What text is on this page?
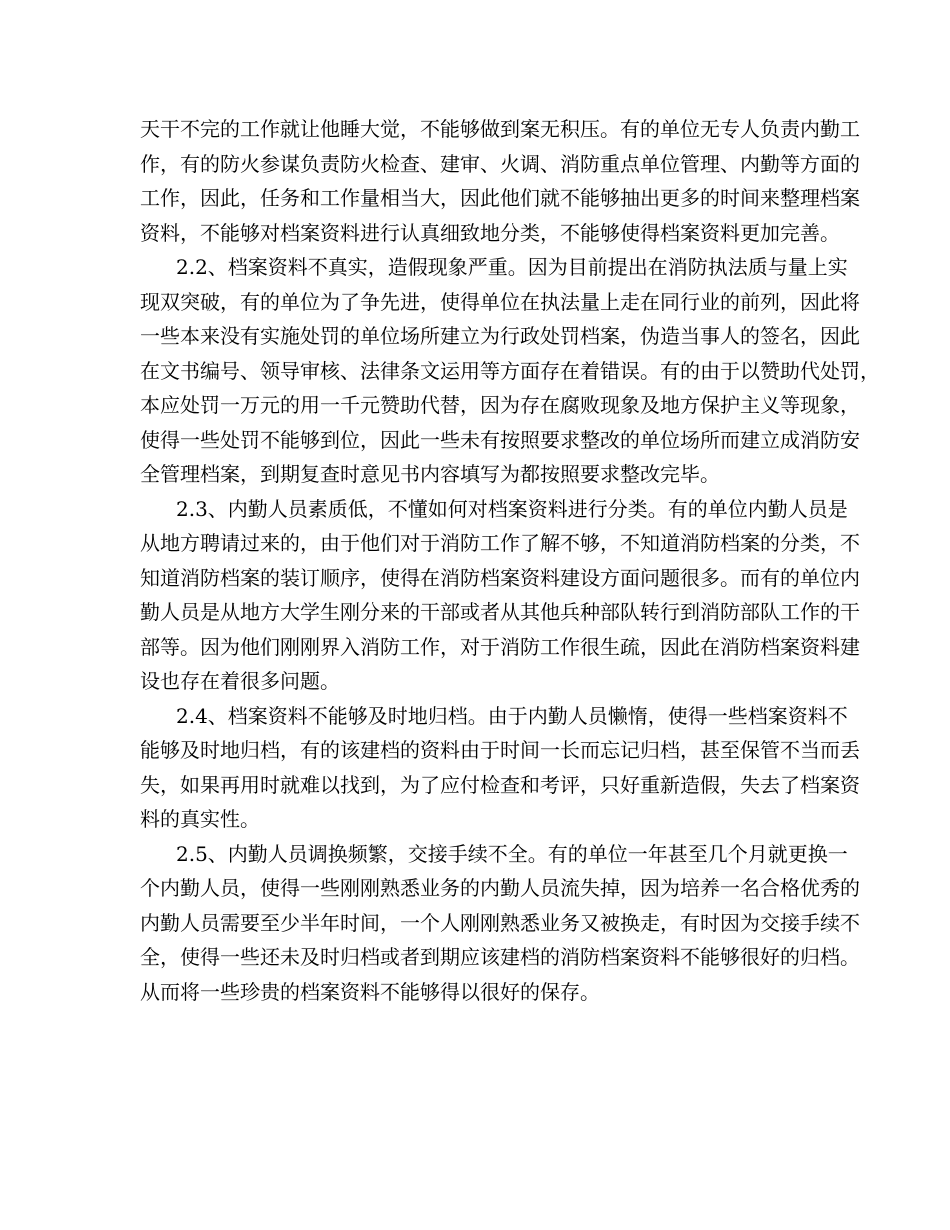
天干不完的工作就让他睡大觉，不能够做到案无积压。有的单位无专人负责内勤工
作，有的防火参谋负责防火检查、建审、火调、消防重点单位管理、内勤等方面的
工作，因此，任务和工作量相当大，因此他们就不能够抽出更多的时间来整理档案
资料，不能够对档案资料进行认真细致地分类，不能够使得档案资料更加完善。
2.2、档案资料不真实，造假现象严重。因为目前提出在消防执法质与量上实
现双突破，有的单位为了争先进，使得单位在执法量上走在同行业的前列，因此将
一些本来没有实施处罚的单位场所建立为行政处罚档案，伪造当事人的签名，因此
在文书编号、领导审核、法律条文运用等方面存在着错误。有的由于以赞助代处罚，
本应处罚一万元的用一千元赞助代替，因为存在腐败现象及地方保护主义等现象，
使得一些处罚不能够到位，因此一些未有按照要求整改的单位场所而建立成消防安
全管理档案，到期复查时意见书内容填写为都按照要求整改完毕。
2.3、内勤人员素质低，不懂如何对档案资料进行分类。有的单位内勤人员是
从地方聘请过来的，由于他们对于消防工作了解不够，不知道消防档案的分类，不
知道消防档案的装订顺序，使得在消防档案资料建设方面问题很多。而有的单位内
勤人员是从地方大学生刚分来的干部或者从其他兵种部队转行到消防部队工作的干
部等。因为他们刚刚界入消防工作，对于消防工作很生疏，因此在消防档案资料建
设也存在着很多问题。
2.4、档案资料不能够及时地归档。由于内勤人员懒惰，使得一些档案资料不
能够及时地归档，有的该建档的资料由于时间一长而忘记归档，甚至保管不当而丢
失，如果再用时就难以找到，为了应付检查和考评，只好重新造假，失去了档案资
料的真实性。
2.5、内勤人员调换频繁，交接手续不全。有的单位一年甚至几个月就更换一
个内勤人员，使得一些刚刚熟悉业务的内勤人员流失掉，因为培养一名合格优秀的
内勤人员需要至少半年时间，一个人刚刚熟悉业务又被换走，有时因为交接手续不
全，使得一些还未及时归档或者到期应该建档的消防档案资料不能够很好的归档。
从而将一些珍贵的档案资料不能够得以很好的保存。
